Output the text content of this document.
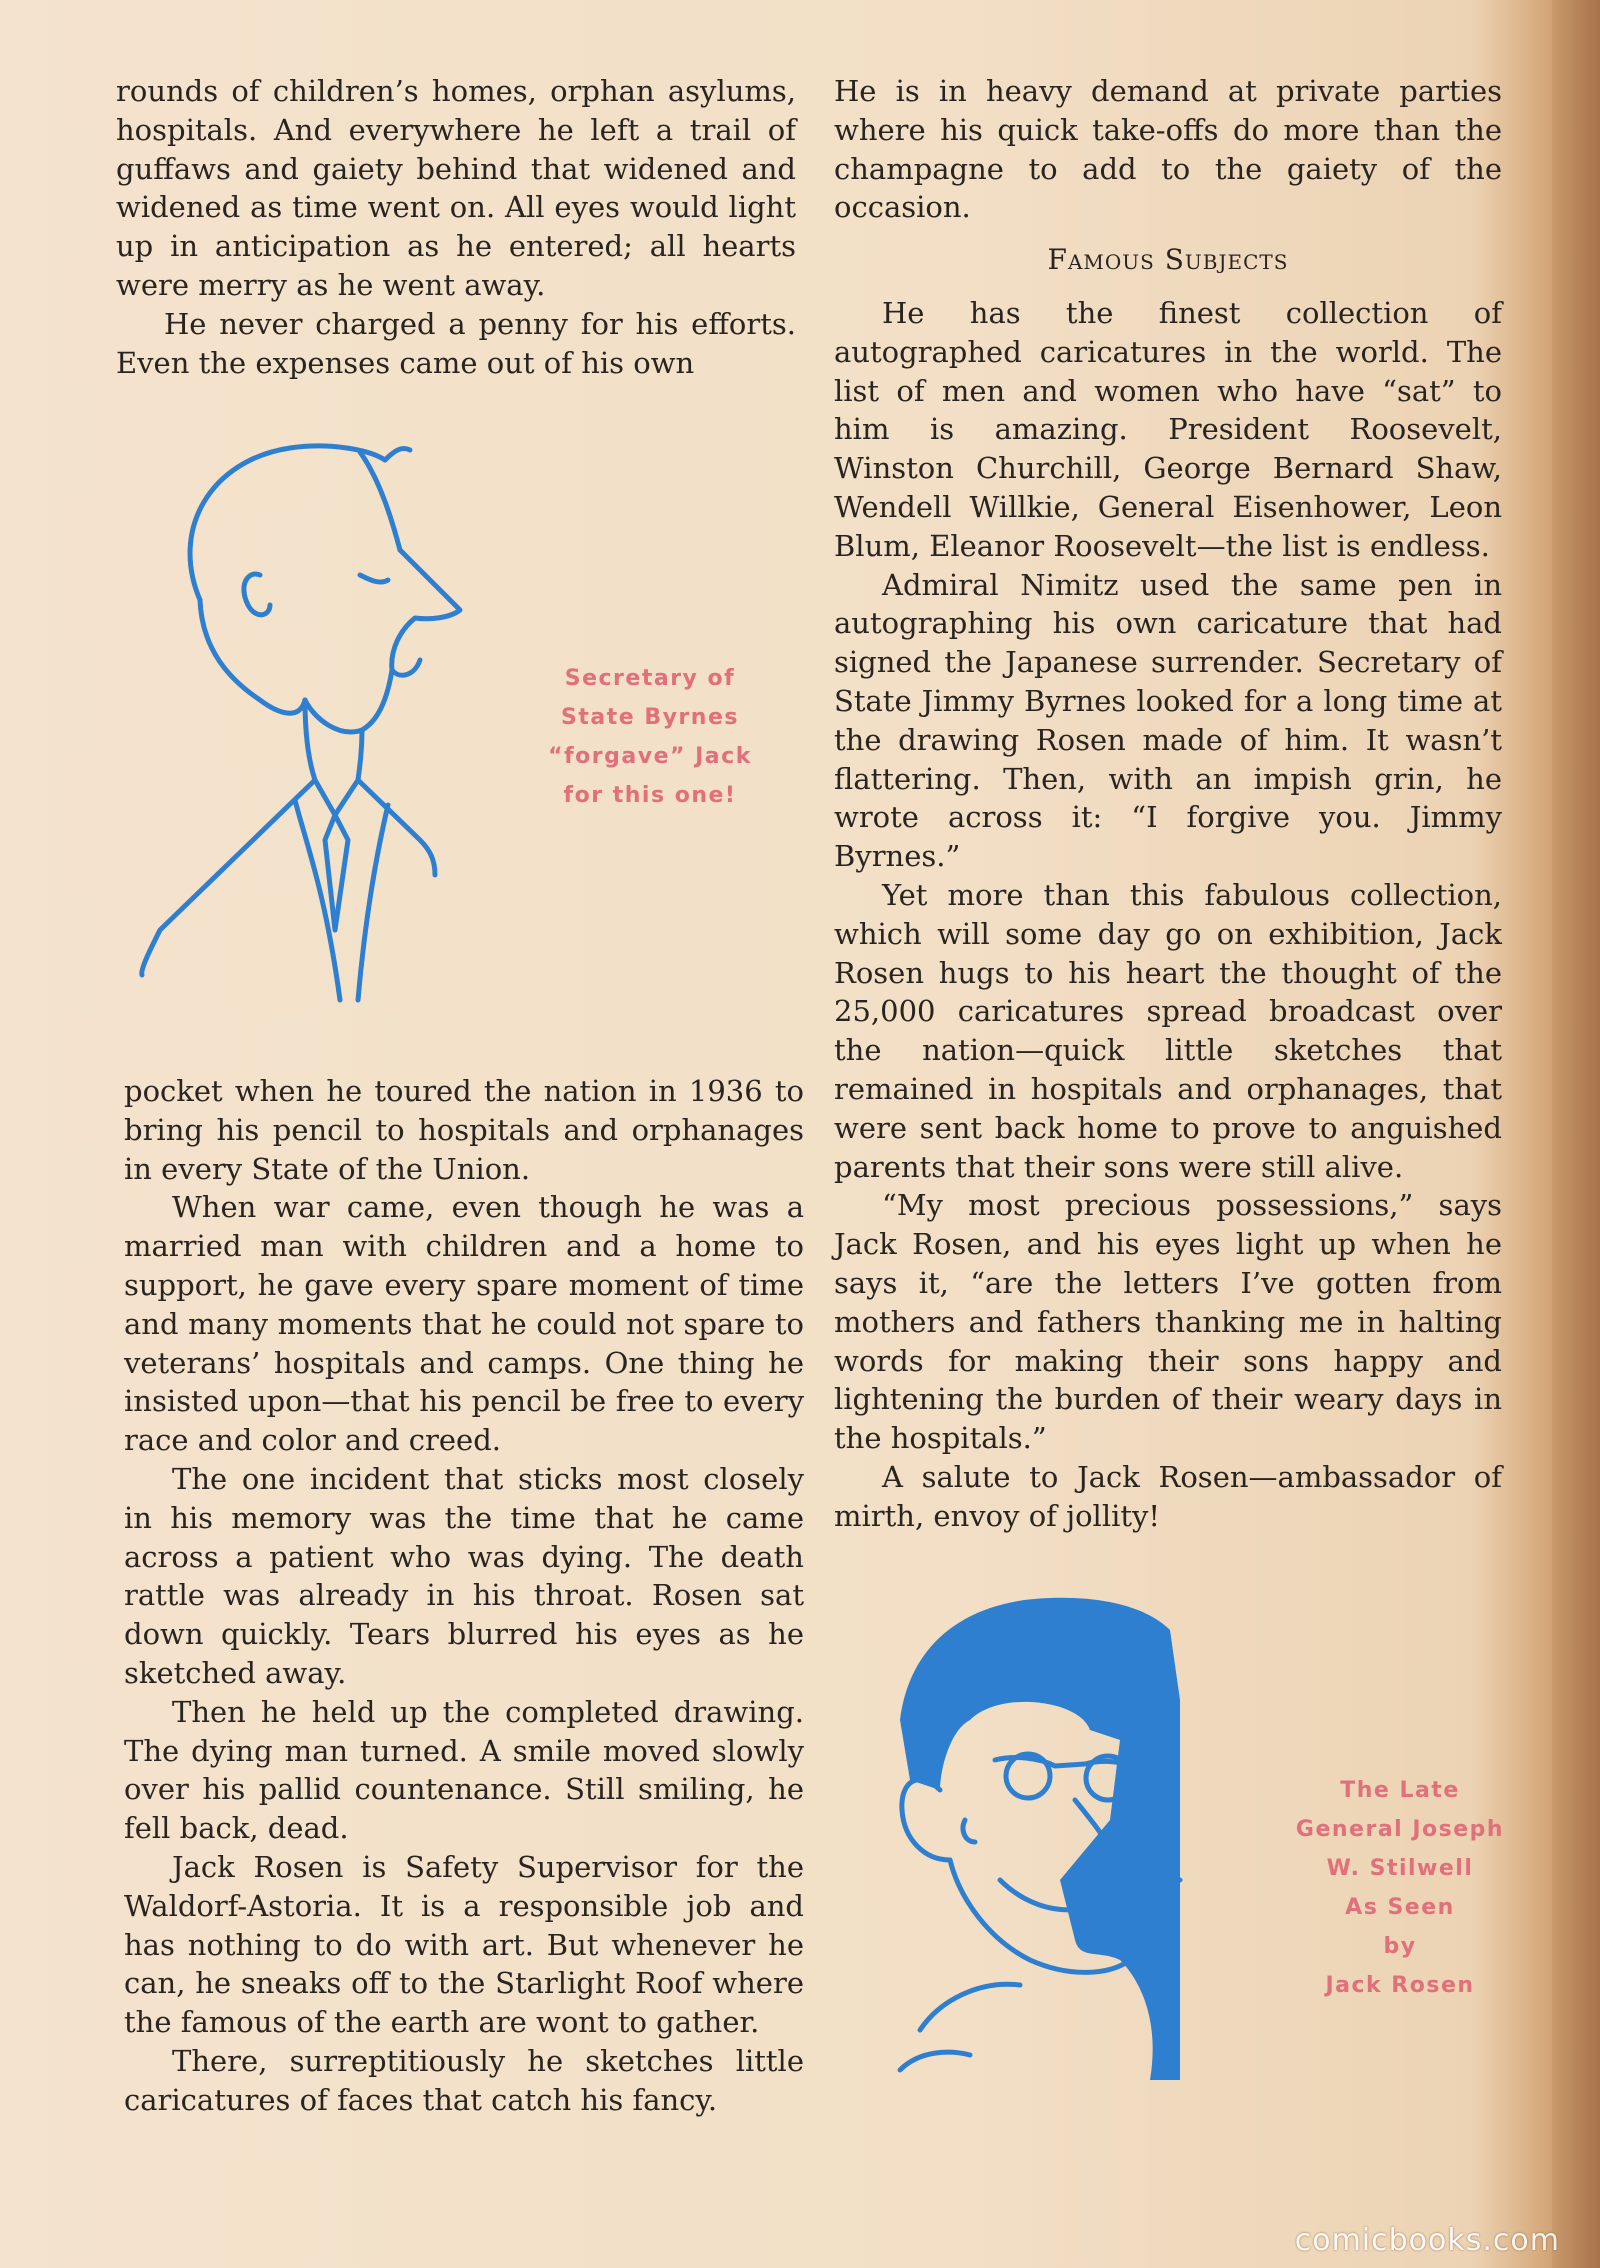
rounds of children’s homes, orphan asylums, hospitals. And everywhere he left a trail of guffaws and gaiety behind that widened and widened as time went on. All eyes would light up in anticipation as he entered; all hearts were merry as he went away.

He never charged a penny for his efforts. Even the expenses came out of his own

Secretary of
State Byrnes
“forgave” Jack
for this one!

pocket when he toured the nation in 1936 to bring his pencil to hospitals and orphanages in every State of the Union.

When war came, even though he was a married man with children and a home to support, he gave every spare moment of time and many moments that he could not spare to veterans’ hospitals and camps. One thing he insisted upon—that his pencil be free to every race and color and creed.

The one incident that sticks most closely in his memory was the time that he came across a patient who was dying. The death rattle was already in his throat. Rosen sat down quickly. Tears blurred his eyes as he sketched away.

Then he held up the completed drawing. The dying man turned. A smile moved slowly over his pallid countenance. Still smiling, he fell back, dead.

Jack Rosen is Safety Supervisor for the Waldorf-Astoria. It is a responsible job and has nothing to do with art. But whenever he can, he sneaks off to the Starlight Roof where the famous of the earth are wont to gather.

There, surreptitiously he sketches little caricatures of faces that catch his fancy.

He is in heavy demand at private parties where his quick take-offs do more than the champagne to add to the gaiety of the occasion.

Famous Subjects

He has the finest collection of autographed caricatures in the world. The list of men and women who have “sat” to him is amazing. President Roosevelt, Winston Churchill, George Bernard Shaw, Wendell Willkie, General Eisenhower, Leon Blum, Eleanor Roosevelt—the list is endless.

Admiral Nimitz used the same pen in autographing his own caricature that had signed the Japanese surrender. Secretary of State Jimmy Byrnes looked for a long time at the drawing Rosen made of him. It wasn’t flattering. Then, with an impish grin, he wrote across it: “I forgive you. Jimmy Byrnes.”

Yet more than this fabulous collection, which will some day go on exhibition, Jack Rosen hugs to his heart the thought of the 25,000 caricatures spread broadcast over the nation—quick little sketches that remained in hospitals and orphanages, that were sent back home to prove to anguished parents that their sons were still alive.

“My most precious possessions,” says Jack Rosen, and his eyes light up when he says it, “are the letters I’ve gotten from mothers and fathers thanking me in halting words for making their sons happy and lightening the burden of their weary days in the hospitals.”

A salute to Jack Rosen—ambassador of mirth, envoy of jollity!

The Late
General Joseph
W. Stilwell
As Seen
by
Jack Rosen
comicbooks.com
